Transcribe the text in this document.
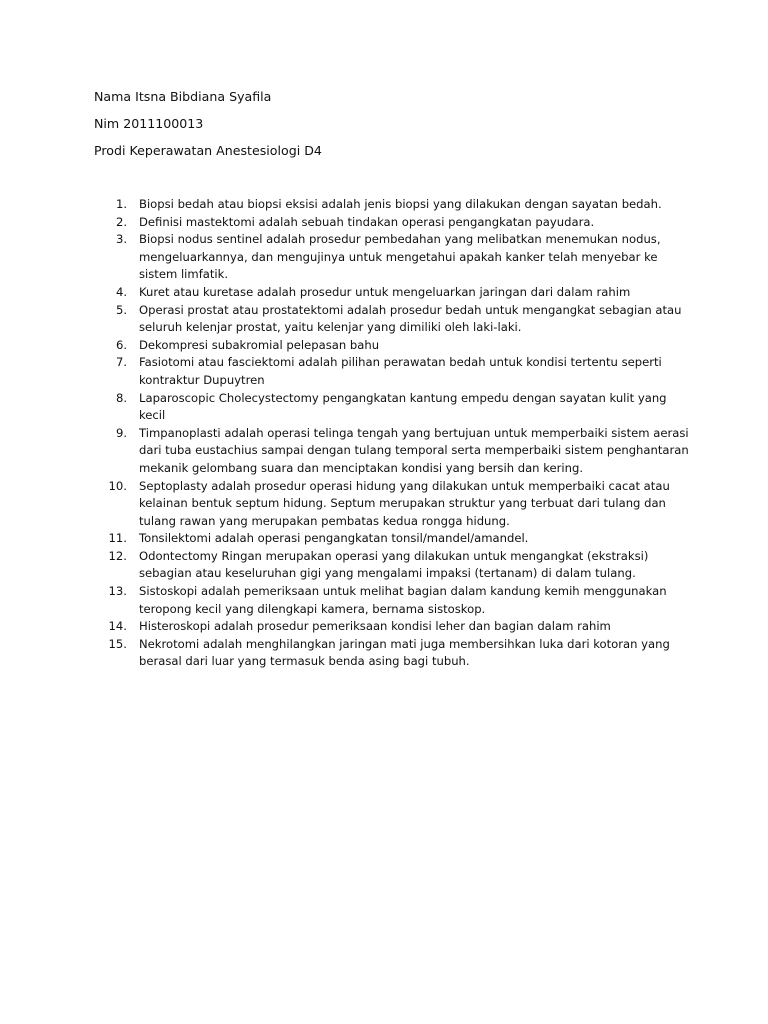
Nama Itsna Bibdiana Syafila
Nim 2011100013
Prodi Keperawatan Anestesiologi D4
1. Biopsi bedah atau biopsi eksisi adalah jenis biopsi yang dilakukan dengan sayatan bedah.
2. Definisi mastektomi adalah sebuah tindakan operasi pengangkatan payudara.
3. Biopsi nodus sentinel adalah prosedur pembedahan yang melibatkan menemukan nodus, mengeluarkannya, dan mengujinya untuk mengetahui apakah kanker telah menyebar ke sistem limfatik.
4. Kuret atau kuretase adalah prosedur untuk mengeluarkan jaringan dari dalam rahim
5. Operasi prostat atau prostatektomi adalah prosedur bedah untuk mengangkat sebagian atau seluruh kelenjar prostat, yaitu kelenjar yang dimiliki oleh laki-laki.
6. Dekompresi subakromial pelepasan bahu
7. Fasiotomi atau fasciektomi adalah pilihan perawatan bedah untuk kondisi tertentu seperti kontraktur Dupuytren
8. Laparoscopic Cholecystectomy pengangkatan kantung empedu dengan sayatan kulit yang kecil
9. Timpanoplasti adalah operasi telinga tengah yang bertujuan untuk memperbaiki sistem aerasi dari tuba eustachius sampai dengan tulang temporal serta memperbaiki sistem penghantaran mekanik gelombang suara dan menciptakan kondisi yang bersih dan kering.
10. Septoplasty adalah prosedur operasi hidung yang dilakukan untuk memperbaiki cacat atau kelainan bentuk septum hidung. Septum merupakan struktur yang terbuat dari tulang dan tulang rawan yang merupakan pembatas kedua rongga hidung.
11. Tonsilektomi adalah operasi pengangkatan tonsil/mandel/amandel.
12. Odontectomy Ringan merupakan operasi yang dilakukan untuk mengangkat (ekstraksi) sebagian atau keseluruhan gigi yang mengalami impaksi (tertanam) di dalam tulang.
13. Sistoskopi adalah pemeriksaan untuk melihat bagian dalam kandung kemih menggunakan teropong kecil yang dilengkapi kamera, bernama sistoskop.
14. Histeroskopi adalah prosedur pemeriksaan kondisi leher dan bagian dalam rahim
15. Nekrotomi adalah menghilangkan jaringan mati juga membersihkan luka dari kotoran yang berasal dari luar yang termasuk benda asing bagi tubuh.
